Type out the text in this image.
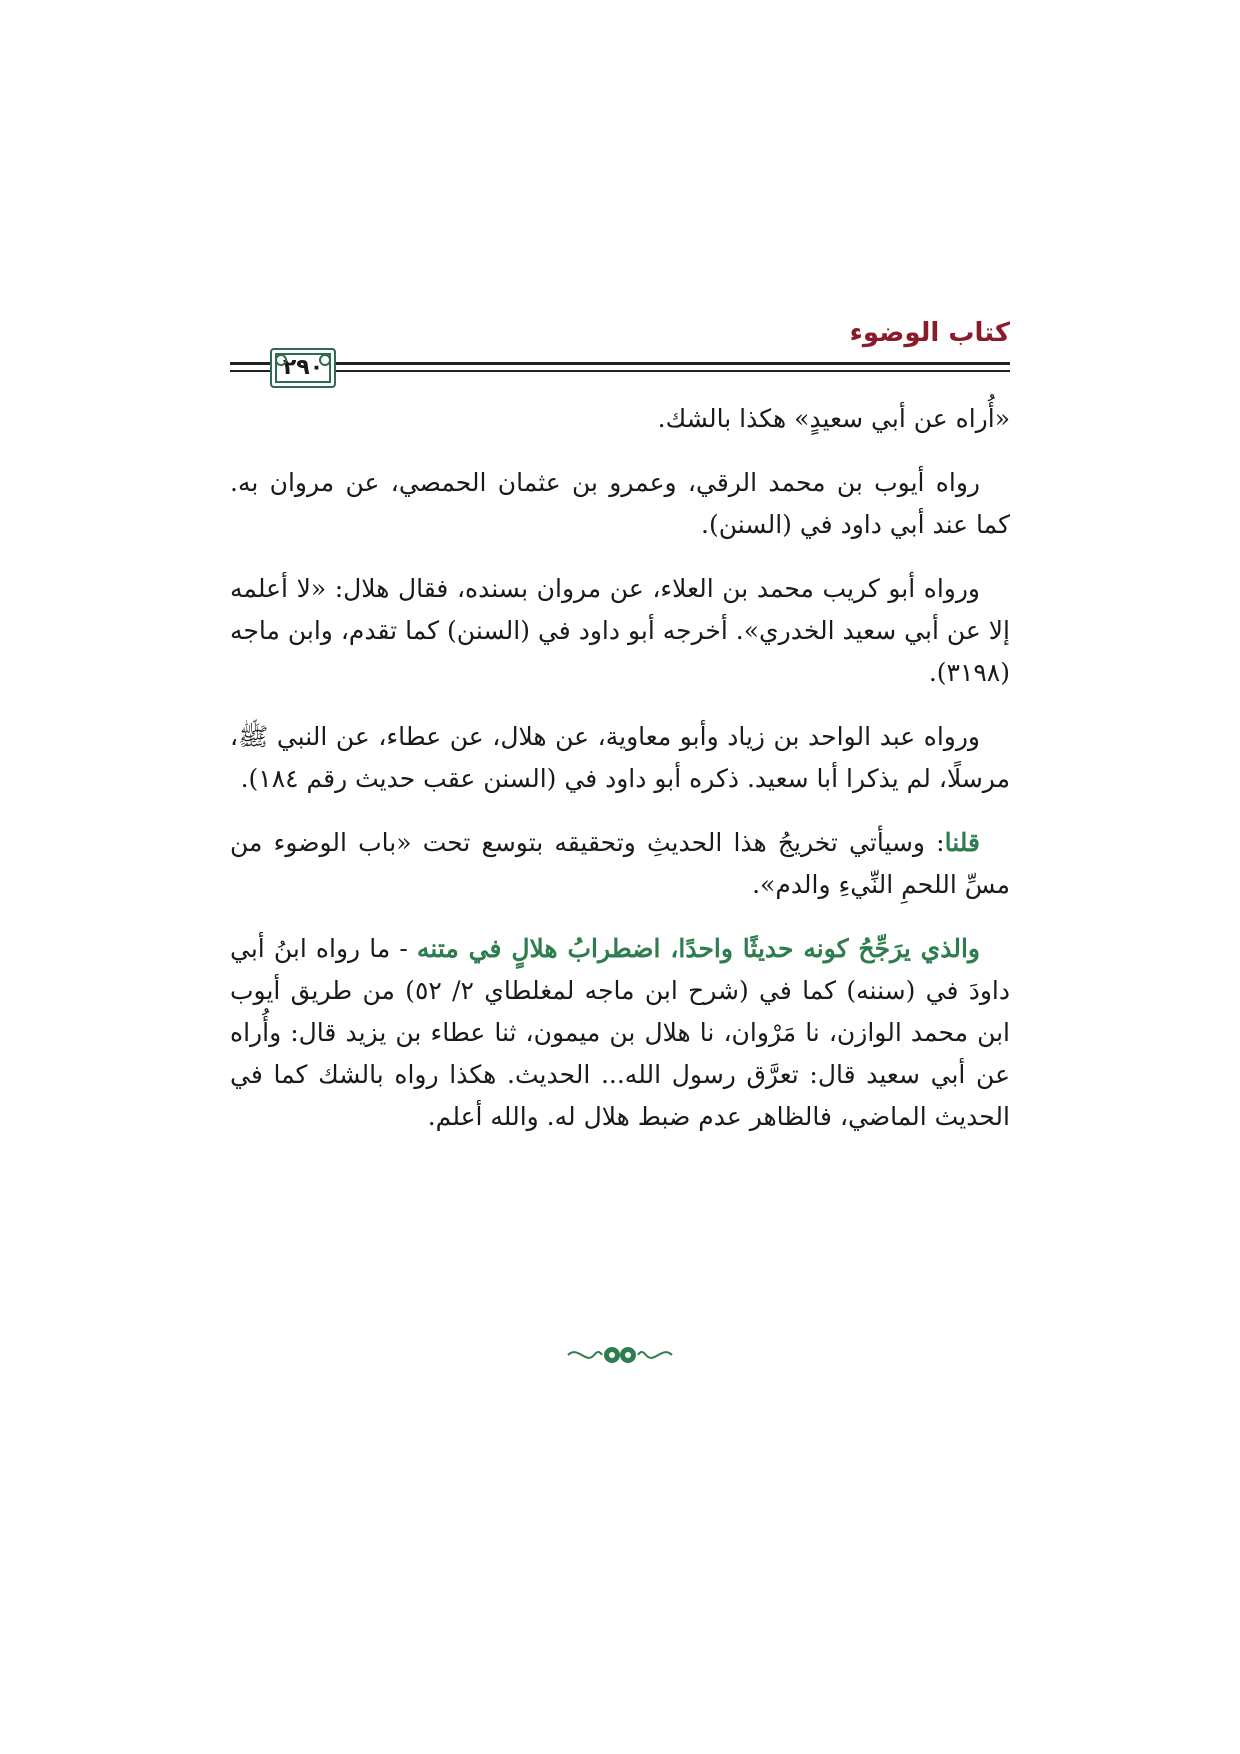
كتاب الوضوء
٢٩٠

«أُراه عن أبي سعيدٍ» هكذا بالشك.

رواه أيوب بن محمد الرقي، وعمرو بن عثمان الحمصي، عن مروان به. كما عند أبي داود في (السنن).

ورواه أبو كريب محمد بن العلاء، عن مروان بسنده، فقال هلال: «لا أعلمه إلا عن أبي سعيد الخدري». أخرجه أبو داود في (السنن) كما تقدم، وابن ماجه (٣١٩٨).

ورواه عبد الواحد بن زياد وأبو معاوية، عن هلال، عن عطاء، عن النبي ﷺ، مرسلًا، لم يذكرا أبا سعيد. ذكره أبو داود في (السنن عقب حديث رقم ١٨٤).

قلنا: وسيأتي تخريجُ هذا الحديثِ وتحقيقه بتوسع تحت «باب الوضوء من مسِّ اللحمِ النِّيءِ والدم».

والذي يرَجِّحُ كونه حديثًا واحدًا، اضطرابُ هلالٍ في متنه - ما رواه ابنُ أبي داودَ في (سننه) كما في (شرح ابن ماجه لمغلطاي ٢/ ٥٢) من طريق أيوب ابن محمد الوازن، نا مَرْوان، نا هلال بن ميمون، ثنا عطاء بن يزيد قال: وأُراه عن أبي سعيد قال: تعرَّق رسول الله... الحديث. هكذا رواه بالشك كما في الحديث الماضي، فالظاهر عدم ضبط هلال له. والله أعلم.
